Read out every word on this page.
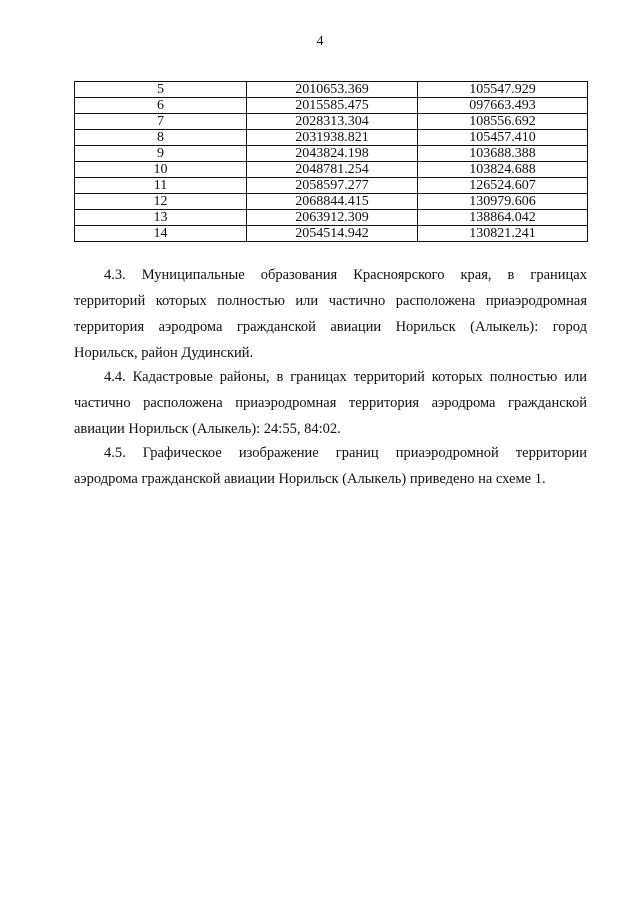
4

5	2010653.369	105547.929
6	2015585.475	097663.493
7	2028313.304	108556.692
8	2031938.821	105457.410
9	2043824.198	103688.388
10	2048781.254	103824.688
11	2058597.277	126524.607
12	2068844.415	130979.606
13	2063912.309	138864.042
14	2054514.942	130821.241

4.3. Муниципальные образования Красноярского края, в границах территорий которых полностью или частично расположена приаэродромная территория аэродрома гражданской авиации Норильск (Алыкель): город Норильск, район Дудинский.

4.4. Кадастровые районы, в границах территорий которых полностью или частично расположена приаэродромная территория аэродрома гражданской авиации Норильск (Алыкель): 24:55, 84:02.

4.5. Графическое изображение границ приаэродромной территории аэродрома гражданской авиации Норильск (Алыкель) приведено на схеме 1.
